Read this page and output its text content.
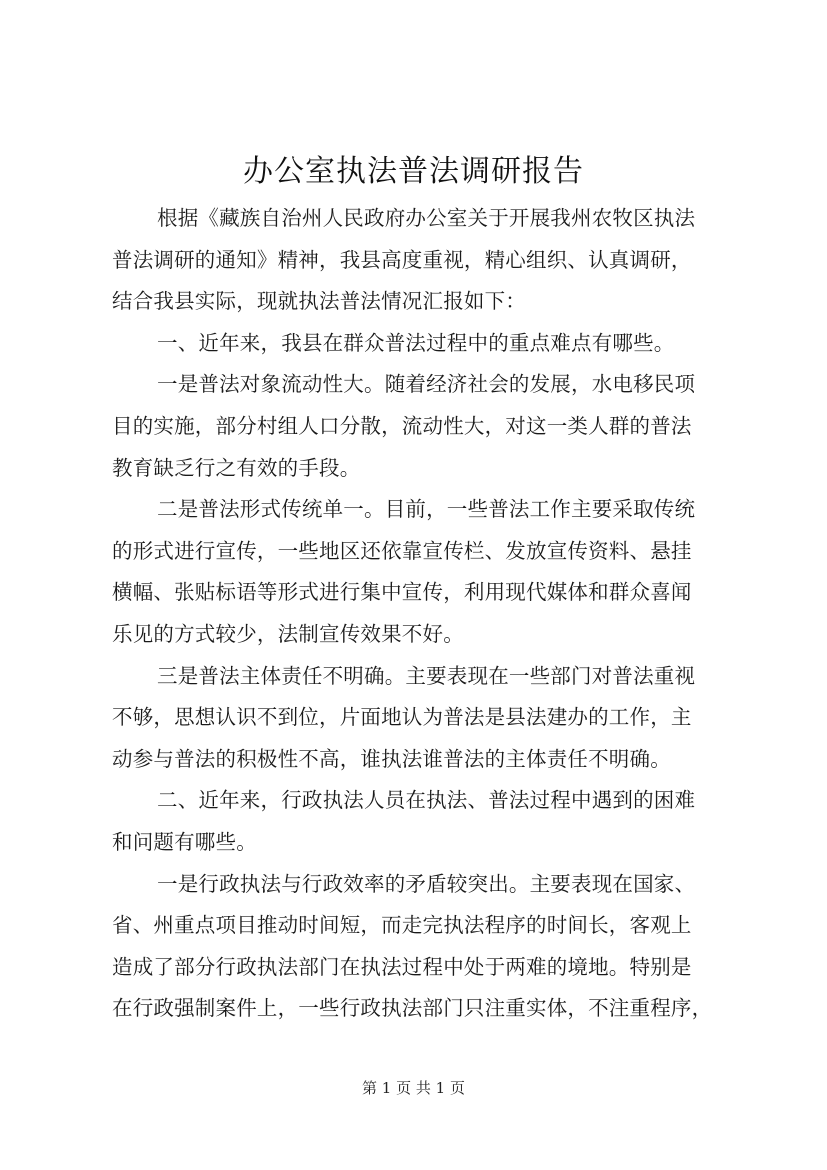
办公室执法普法调研报告
根据《藏族自治州人民政府办公室关于开展我州农牧区执法
普法调研的通知》精神，我县高度重视，精心组织、认真调研，
结合我县实际，现就执法普法情况汇报如下：
一、近年来，我县在群众普法过程中的重点难点有哪些。
一是普法对象流动性大。随着经济社会的发展，水电移民项
目的实施，部分村组人口分散，流动性大，对这一类人群的普法
教育缺乏行之有效的手段。
二是普法形式传统单一。目前，一些普法工作主要采取传统
的形式进行宣传，一些地区还依靠宣传栏、发放宣传资料、悬挂
横幅、张贴标语等形式进行集中宣传，利用现代媒体和群众喜闻
乐见的方式较少，法制宣传效果不好。
三是普法主体责任不明确。主要表现在一些部门对普法重视
不够，思想认识不到位，片面地认为普法是县法建办的工作，主
动参与普法的积极性不高，谁执法谁普法的主体责任不明确。
二、近年来，行政执法人员在执法、普法过程中遇到的困难
和问题有哪些。
一是行政执法与行政效率的矛盾较突出。主要表现在国家、
省、州重点项目推动时间短，而走完执法程序的时间长，客观上
造成了部分行政执法部门在执法过程中处于两难的境地。特别是
在行政强制案件上，一些行政执法部门只注重实体，不注重程序，
第 1 页 共 1 页
